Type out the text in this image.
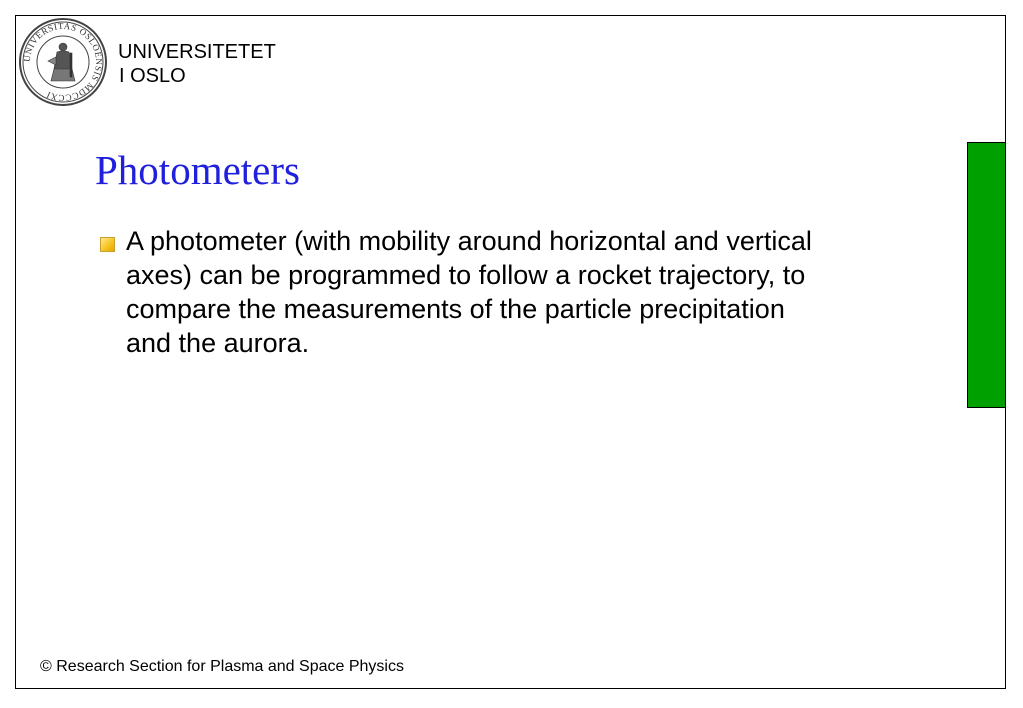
UNIVERSITAS OSLOENSIS MDCCCXI
UNIVERSITETET
I OSLO
Photometers
A photometer (with mobility around horizontal and vertical axes) can be programmed to follow a rocket trajectory, to compare the measurements of the particle precipitation and the aurora.
© Research Section for Plasma and Space Physics
